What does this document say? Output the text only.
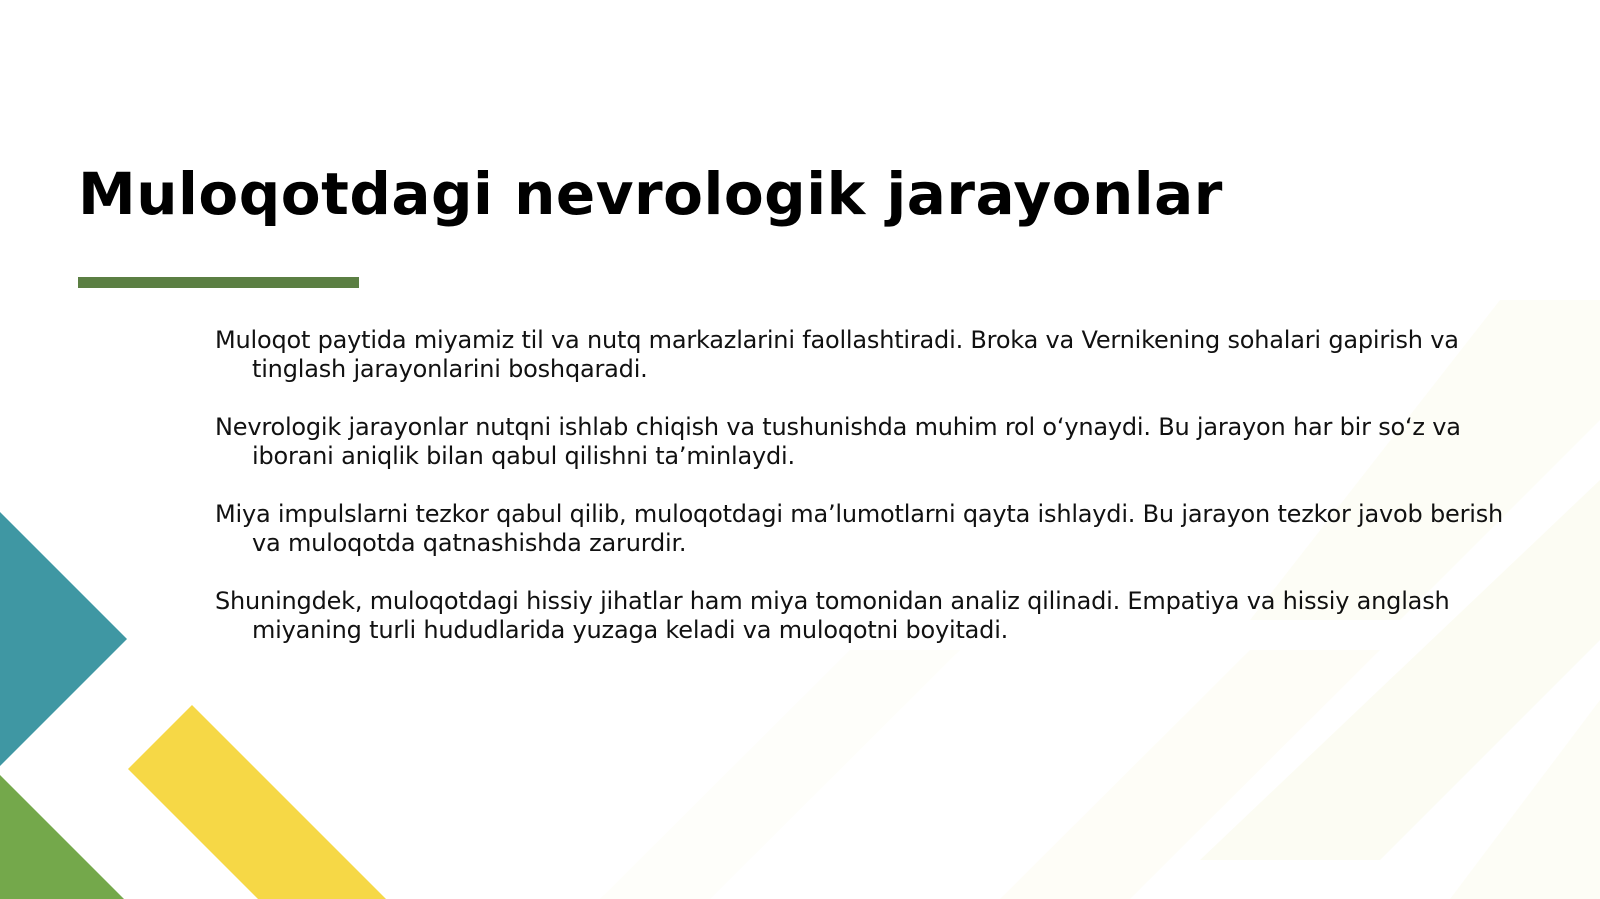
Muloqotdagi nevrologik jarayonlar
Muloqot paytida miyamiz til va nutq markazlarini faollashtiradi. Broka va Vernikening sohalari gapirish va tinglash jarayonlarini boshqaradi.
Nevrologik jarayonlar nutqni ishlab chiqish va tushunishda muhim rol o‘ynaydi. Bu jarayon har bir so‘z va iborani aniqlik bilan qabul qilishni ta’minlaydi.
Miya impulslarni tezkor qabul qilib, muloqotdagi ma’lumotlarni qayta ishlaydi. Bu jarayon tezkor javob berish va muloqotda qatnashishda zarurdir.
Shuningdek, muloqotdagi hissiy jihatlar ham miya tomonidan analiz qilinadi. Empatiya va hissiy anglash miyaning turli hududlarida yuzaga keladi va muloqotni boyitadi.
